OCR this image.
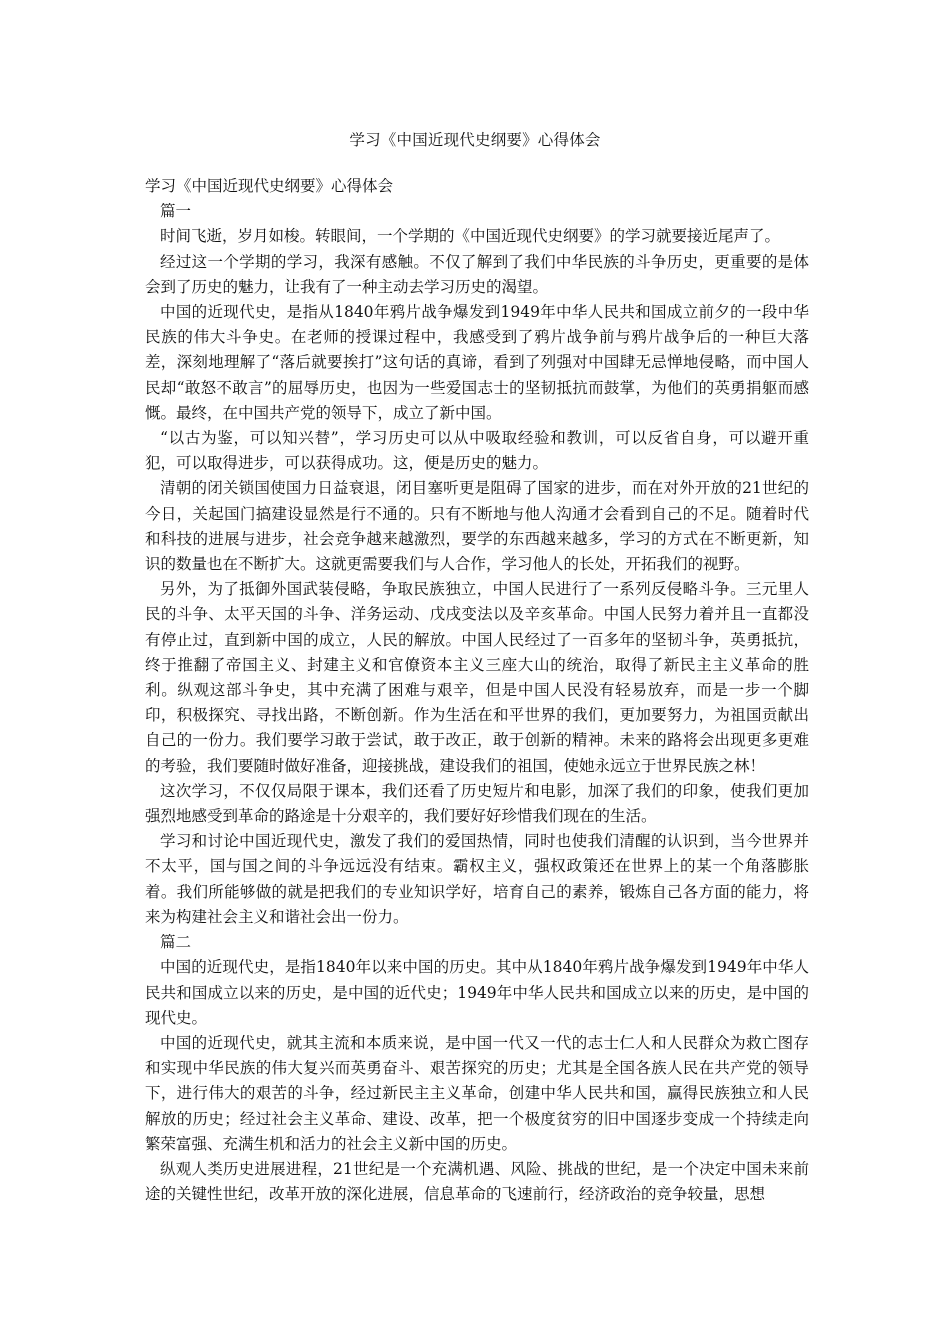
学习《中国近现代史纲要》心得体会

学习《中国近现代史纲要》心得体会

篇一

时间飞逝，岁月如梭。转眼间，一个学期的《中国近现代史纲要》的学习就要接近尾声了。

经过这一个学期的学习，我深有感触。不仅了解到了我们中华民族的斗争历史，更重要的是体会到了历史的魅力，让我有了一种主动去学习历史的渴望。

中国的近现代史，是指从1840年鸦片战争爆发到1949年中华人民共和国成立前夕的一段中华民族的伟大斗争史。在老师的授课过程中，我感受到了鸦片战争前与鸦片战争后的一种巨大落差，深刻地理解了“落后就要挨打”这句话的真谛，看到了列强对中国肆无忌惮地侵略，而中国人民却“敢怒不敢言”的屈辱历史，也因为一些爱国志士的坚韧抵抗而鼓掌，为他们的英勇捐躯而感慨。最终，在中国共产党的领导下，成立了新中国。

“以古为鉴，可以知兴替”，学习历史可以从中吸取经验和教训，可以反省自身，可以避开重犯，可以取得进步，可以获得成功。这，便是历史的魅力。

清朝的闭关锁国使国力日益衰退，闭目塞听更是阻碍了国家的进步，而在对外开放的21世纪的今日，关起国门搞建设显然是行不通的。只有不断地与他人沟通才会看到自己的不足。随着时代和科技的进展与进步，社会竞争越来越激烈，要学的东西越来越多，学习的方式在不断更新，知识的数量也在不断扩大。这就更需要我们与人合作，学习他人的长处，开拓我们的视野。

另外，为了抵御外国武装侵略，争取民族独立，中国人民进行了一系列反侵略斗争。三元里人民的斗争、太平天国的斗争、洋务运动、戊戌变法以及辛亥革命。中国人民努力着并且一直都没有停止过，直到新中国的成立，人民的解放。中国人民经过了一百多年的坚韧斗争，英勇抵抗，终于推翻了帝国主义、封建主义和官僚资本主义三座大山的统治，取得了新民主主义革命的胜利。纵观这部斗争史，其中充满了困难与艰辛，但是中国人民没有轻易放弃，而是一步一个脚印，积极探究、寻找出路，不断创新。作为生活在和平世界的我们，更加要努力，为祖国贡献出自己的一份力。我们要学习敢于尝试，敢于改正，敢于创新的精神。未来的路将会出现更多更难的考验，我们要随时做好准备，迎接挑战，建设我们的祖国，使她永远立于世界民族之林！

这次学习，不仅仅局限于课本，我们还看了历史短片和电影，加深了我们的印象，使我们更加强烈地感受到革命的路途是十分艰辛的，我们要好好珍惜我们现在的生活。

学习和讨论中国近现代史，激发了我们的爱国热情，同时也使我们清醒的认识到，当今世界并不太平，国与国之间的斗争远远没有结束。霸权主义，强权政策还在世界上的某一个角落膨胀着。我们所能够做的就是把我们的专业知识学好，培育自己的素养，锻炼自己各方面的能力，将来为构建社会主义和谐社会出一份力。

篇二

中国的近现代史，是指1840年以来中国的历史。其中从1840年鸦片战争爆发到1949年中华人民共和国成立以来的历史，是中国的近代史；1949年中华人民共和国成立以来的历史，是中国的现代史。

中国的近现代史，就其主流和本质来说，是中国一代又一代的志士仁人和人民群众为救亡图存和实现中华民族的伟大复兴而英勇奋斗、艰苦探究的历史；尤其是全国各族人民在共产党的领导下，进行伟大的艰苦的斗争，经过新民主主义革命，创建中华人民共和国，赢得民族独立和人民解放的历史；经过社会主义革命、建设、改革，把一个极度贫穷的旧中国逐步变成一个持续走向繁荣富强、充满生机和活力的社会主义新中国的历史。

纵观人类历史进展进程，21世纪是一个充满机遇、风险、挑战的世纪，是一个决定中国未来前途的关键性世纪，改革开放的深化进展，信息革命的飞速前行，经济政治的竞争较量，思想
